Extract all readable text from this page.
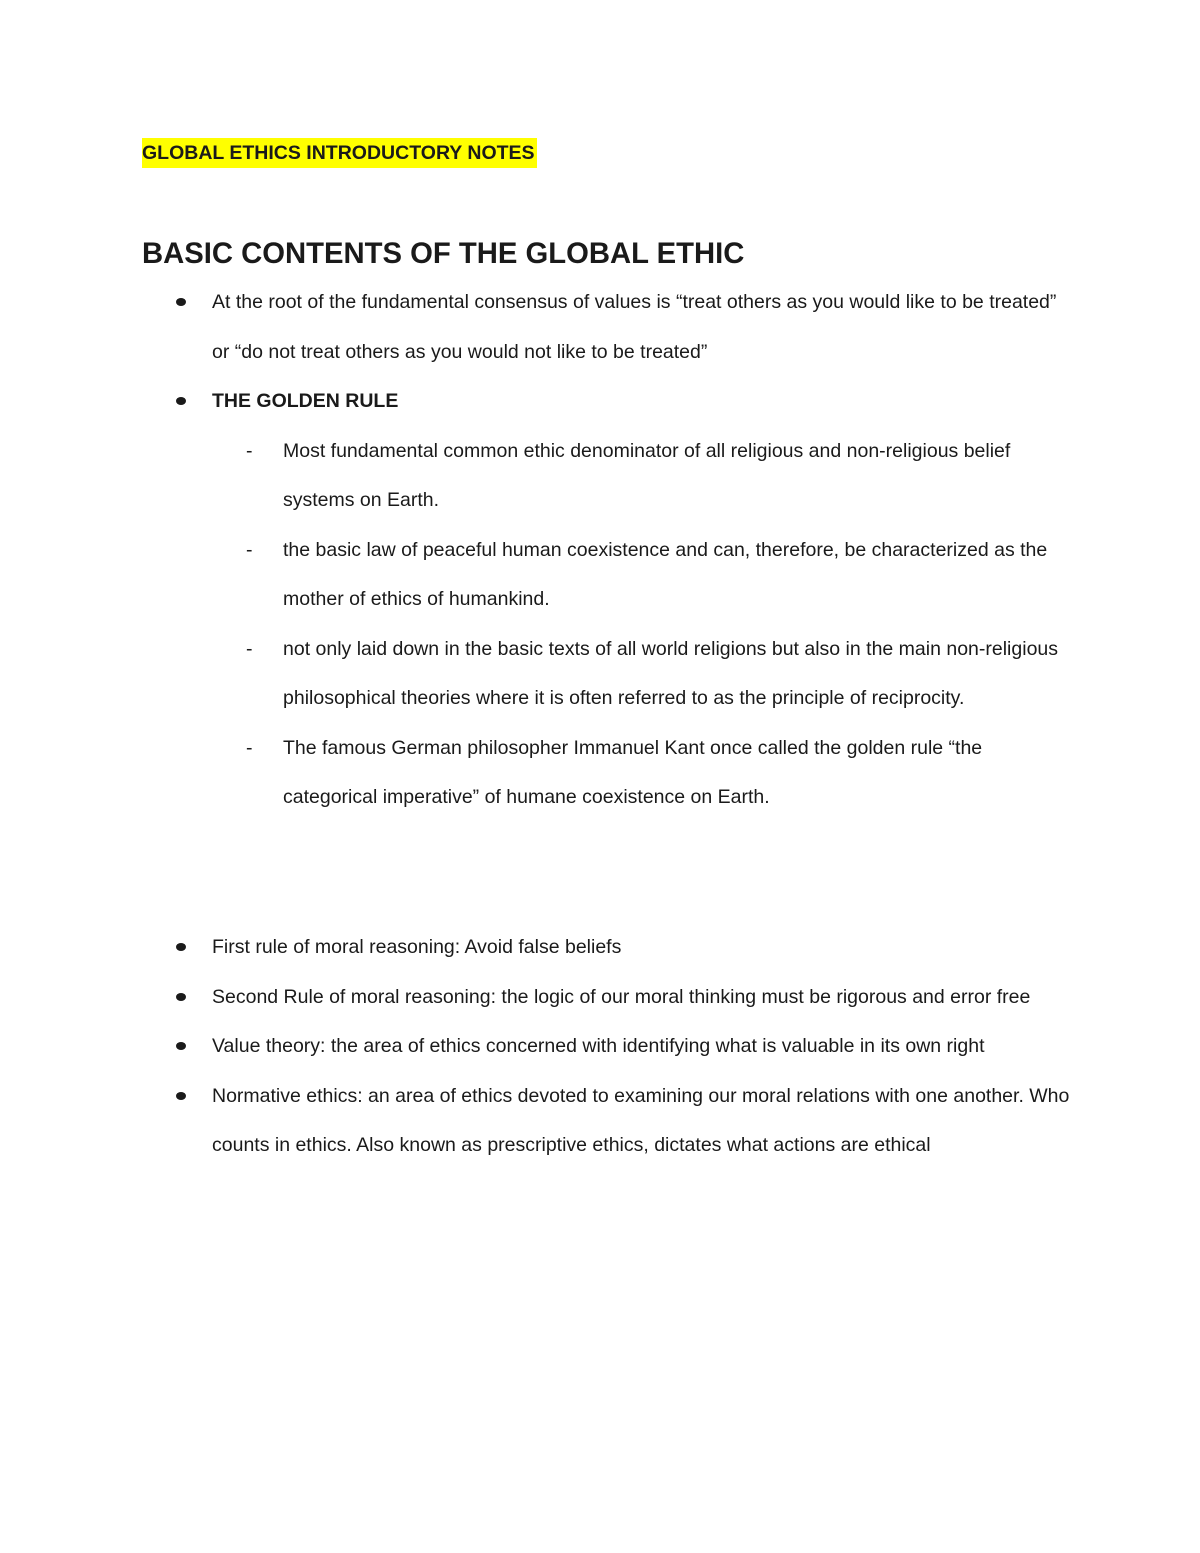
GLOBAL ETHICS INTRODUCTORY NOTES
BASIC CONTENTS OF THE GLOBAL ETHIC
At the root of the fundamental consensus of values is “treat others as you would like to be treated” or “do not treat others as you would not like to be treated”
THE GOLDEN RULE
- Most fundamental common ethic denominator of all religious and non-religious belief systems on Earth.
- the basic law of peaceful human coexistence and can, therefore, be characterized as the mother of ethics of humankind.
- not only laid down in the basic texts of all world religions but also in the main non-religious philosophical theories where it is often referred to as the principle of reciprocity.
- The famous German philosopher Immanuel Kant once called the golden rule “the categorical imperative” of humane coexistence on Earth.
First rule of moral reasoning: Avoid false beliefs
Second Rule of moral reasoning: the logic of our moral thinking must be rigorous and error free
Value theory: the area of ethics concerned with identifying what is valuable in its own right
Normative ethics: an area of ethics devoted to examining our moral relations with one another. Who counts in ethics. Also known as prescriptive ethics, dictates what actions are ethical
